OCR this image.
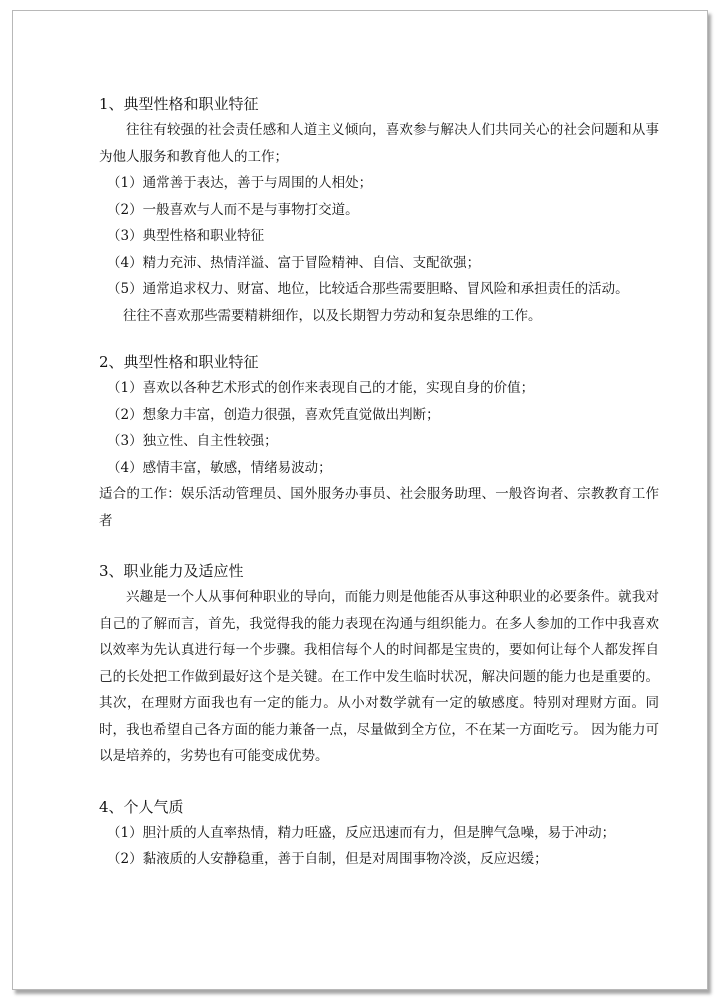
1、典型性格和职业特征

往往有较强的社会责任感和人道主义倾向，喜欢参与解决人们共同关心的社会问题和从事为他人服务和教育他人的工作；

（1）通常善于表达，善于与周围的人相处；

（2）一般喜欢与人而不是与事物打交道。

（3）典型性格和职业特征

（4）精力充沛、热情洋溢、富于冒险精神、自信、支配欲强；

（5）通常追求权力、财富、地位，比较适合那些需要胆略、冒风险和承担责任的活动。

往往不喜欢那些需要精耕细作，以及长期智力劳动和复杂思维的工作。

2、典型性格和职业特征

（1）喜欢以各种艺术形式的创作来表现自己的才能，实现自身的价值；

（2）想象力丰富，创造力很强，喜欢凭直觉做出判断；

（3）独立性、自主性较强；

（4）感情丰富，敏感，情绪易波动；

适合的工作：娱乐活动管理员、国外服务办事员、社会服务助理、一般咨询者、宗教教育工作者

3、职业能力及适应性

兴趣是一个人从事何种职业的导向，而能力则是他能否从事这种职业的必要条件。就我对自己的了解而言，首先，我觉得我的能力表现在沟通与组织能力。在多人参加的工作中我喜欢以效率为先认真进行每一个步骤。我相信每个人的时间都是宝贵的，要如何让每个人都发挥自己的长处把工作做到最好这个是关键。在工作中发生临时状况，解决问题的能力也是重要的。其次，在理财方面我也有一定的能力。从小对数学就有一定的敏感度。特别对理财方面。同时，我也希望自己各方面的能力兼备一点，尽量做到全方位，不在某一方面吃亏。 因为能力可以是培养的，劣势也有可能变成优势。

4、个人气质

（1）胆汁质的人直率热情，精力旺盛，反应迅速而有力，但是脾气急噪，易于冲动；

（2）黏液质的人安静稳重，善于自制，但是对周围事物冷淡，反应迟缓；
